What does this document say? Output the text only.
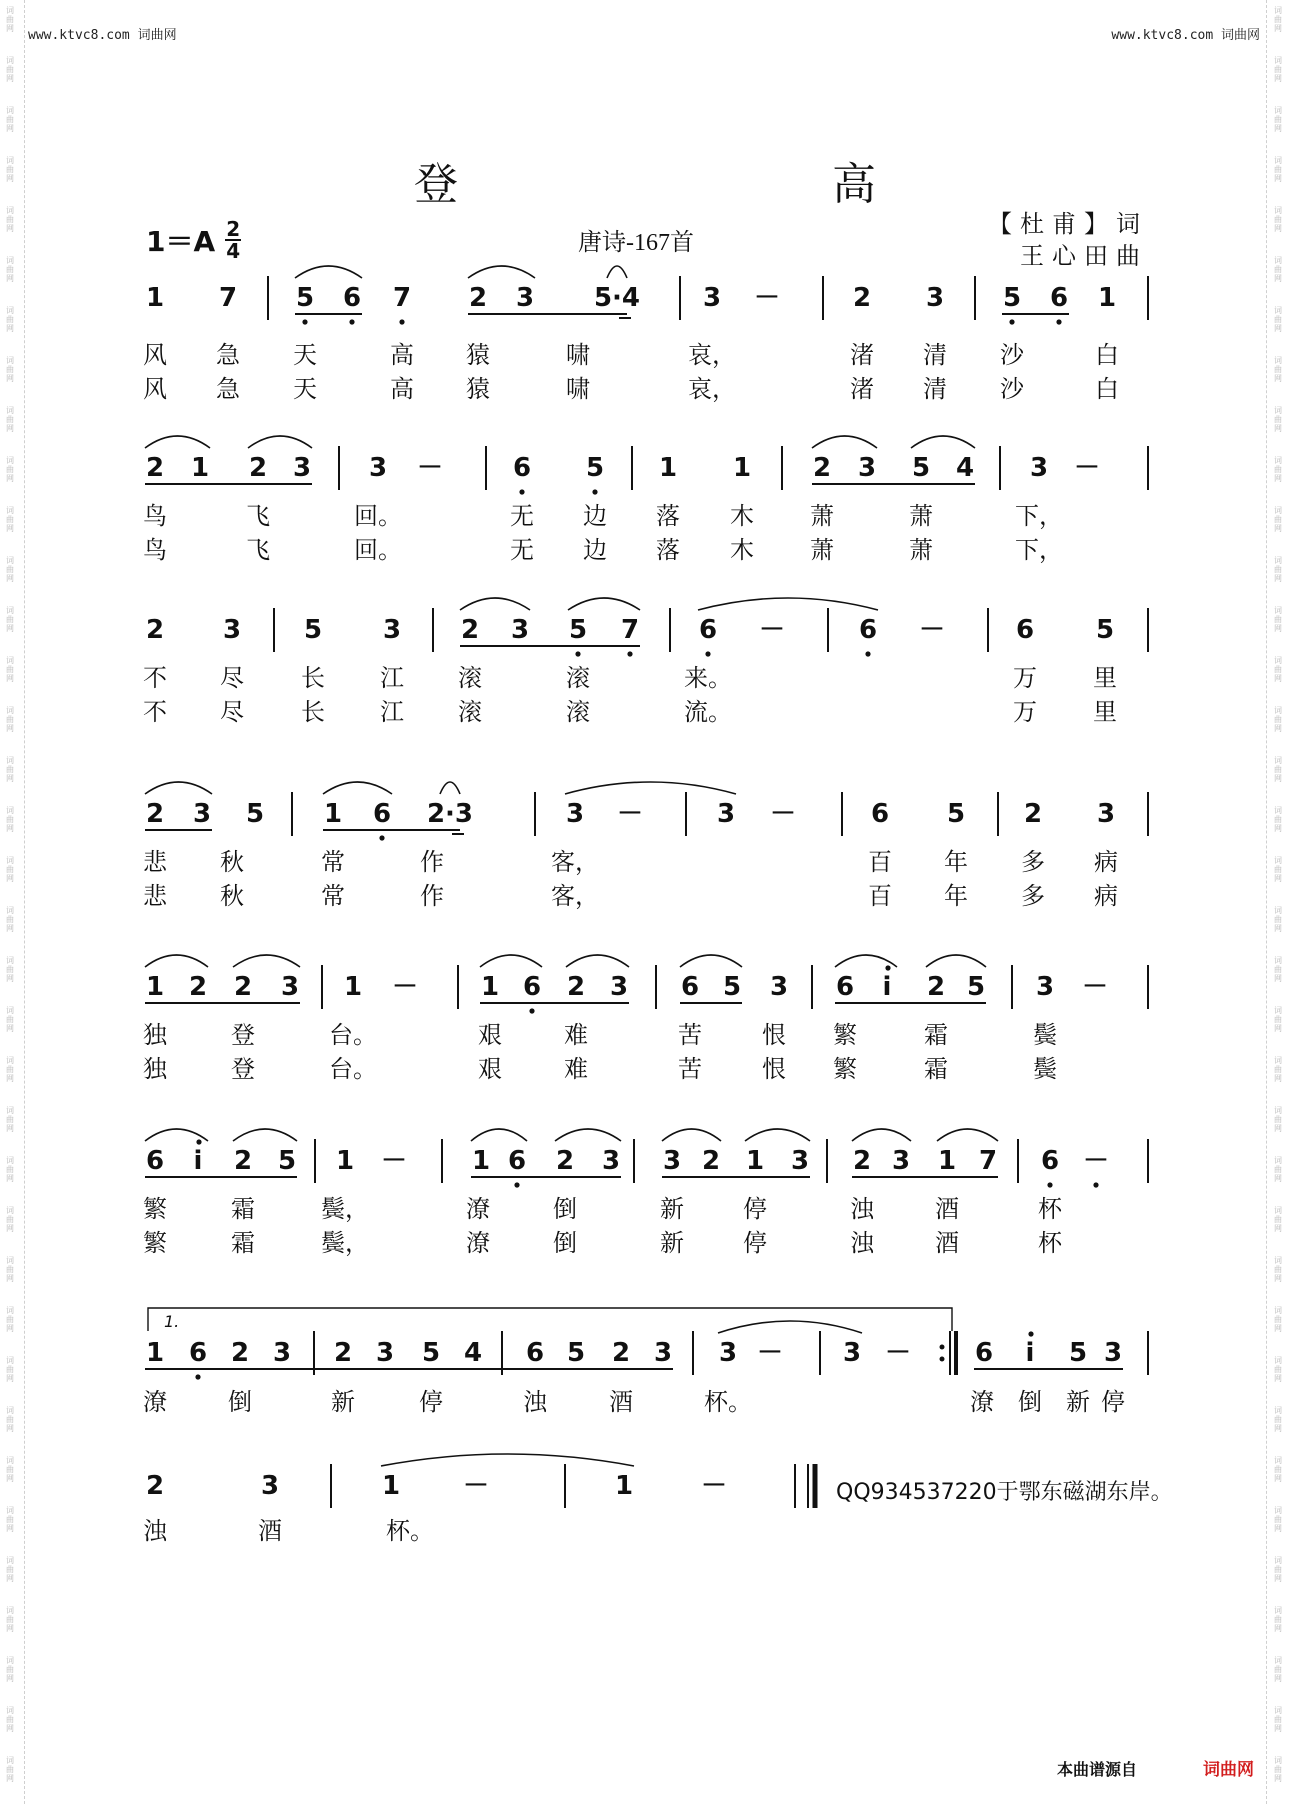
词曲网
词曲网
词曲网
词曲网
词曲网
词曲网
词曲网
词曲网
词曲网
词曲网
词曲网
词曲网
词曲网
词曲网
词曲网
词曲网
词曲网
词曲网
词曲网
词曲网
词曲网
词曲网
词曲网
词曲网
词曲网
词曲网
词曲网
词曲网
词曲网
词曲网
词曲网
词曲网
词曲网
词曲网
词曲网
词曲网
词曲网
词曲网
词曲网
词曲网
词曲网
词曲网
词曲网
词曲网
词曲网
词曲网
词曲网
词曲网
词曲网
词曲网
词曲网
词曲网
词曲网
词曲网
词曲网
词曲网
词曲网
词曲网
词曲网
词曲网
词曲网
词曲网
词曲网
词曲网
词曲网
词曲网
词曲网
词曲网
词曲网
词曲网
词曲网
词曲网
www.ktvc8.com 词曲网	www.ktvc8.com 词曲网
登	高
$1=A \frac{2}{4}$	唐诗-167首
【杜甫】词
王心田曲
1 7 5 6 7 2 3 5·4 3 －	2 3 5 6 1
风 急 天	高 猿	啸	哀，	渚 清 沙	白
风 急 天	高 猿	啸	哀，	渚 清 沙	白
2 1 2 3 3 －	6 5 1 1 2 3 5 4 3 －
鸟	飞	回。	无 边 落 木 萧	萧	下，
鸟	飞	回。	无 边 落 木 萧	萧	下，
2 3 5 3 2 3 5 7 6 －	6 －	6 5
不 尽 长 江 滚	滚	来。	万 里
不 尽 长 江 滚	滚	流。	万 里
2 3 5 1 6 2·3	3 －	3 －	6 5 2 3
悲 秋	常	作	客，	百 年 多 病
悲 秋	常	作	客，	百 年 多 病
1 2 2 3 1 － 1 6 2 3 6 5 3 6 i 2 5 3 －
独	登	台。	艰	难	苦	恨 繁	霜	鬓
独	登	台。	艰	难	苦	恨 繁	霜	鬓
6 i 2 5 1 － 1 6 2 3 3 2 1 3 2 3 1 7 6 －
繁	霜	鬓，	潦	倒	新 停	浊	酒	杯
繁	霜	鬓，	潦	倒	新 停	浊	酒	杯
1 6 2 3 2 3 5 4 6 5 2 3 3 － 3 － 6 i 5 3
潦	倒	新	停	浊	酒	杯。	潦 倒 新 停
2	3	1 －	1	－
浊	酒	杯。
1.
QQ934537220于鄂东磁湖东岸。
本曲谱源自	词曲网
